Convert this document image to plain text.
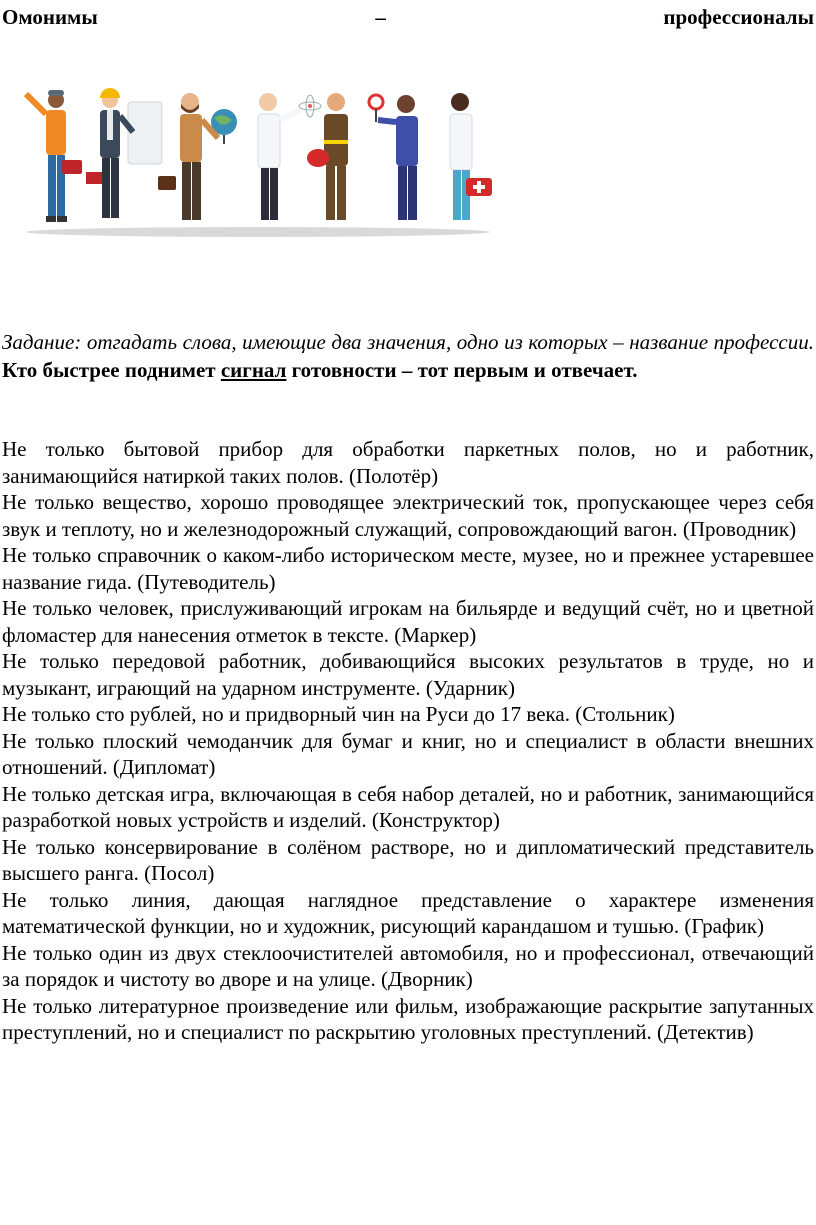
Омонимы	–	профессионалы
Задание: отгадать слова, имеющие два значения, одно из которых – название профессии. Кто быстрее поднимет сигнал готовности – тот первым и отвечает.

Не только бытовой прибор для обработки паркетных полов, но и работник, занимающийся натиркой таких полов. (Полотёр)

Не только вещество, хорошо проводящее электрический ток, пропускающее через себя звук и теплоту, но и железнодорожный служащий, сопровождающий вагон. (Проводник)

Не только справочник о каком-либо историческом месте, музее, но и прежнее устаревшее название гида. (Путеводитель)

Не только человек, прислуживающий игрокам на бильярде и ведущий счёт, но и цветной фломастер для нанесения отметок в тексте. (Маркер)

Не только передовой работник, добивающийся высоких результатов в труде, но и музыкант, играющий на ударном инструменте. (Ударник)

Не только сто рублей, но и придворный чин на Руси до 17 века. (Стольник)

Не только плоский чемоданчик для бумаг и книг, но и специалист в области внешних отношений. (Дипломат)

Не только детская игра, включающая в себя набор деталей, но и работник, занимающийся разработкой новых устройств и изделий. (Конструктор)

Не только консервирование в солёном растворе, но и дипломатический представитель высшего ранга. (Посол)

Не только линия, дающая наглядное представление о характере изменения математической функции, но и художник, рисующий карандашом и тушью. (График)

Не только один из двух стеклоочистителей автомобиля, но и профессионал, отвечающий за порядок и чистоту во дворе и на улице. (Дворник)

Не только литературное произведение или фильм, изображающие раскрытие запутанных преступлений, но и специалист по раскрытию уголовных преступлений. (Детектив)
